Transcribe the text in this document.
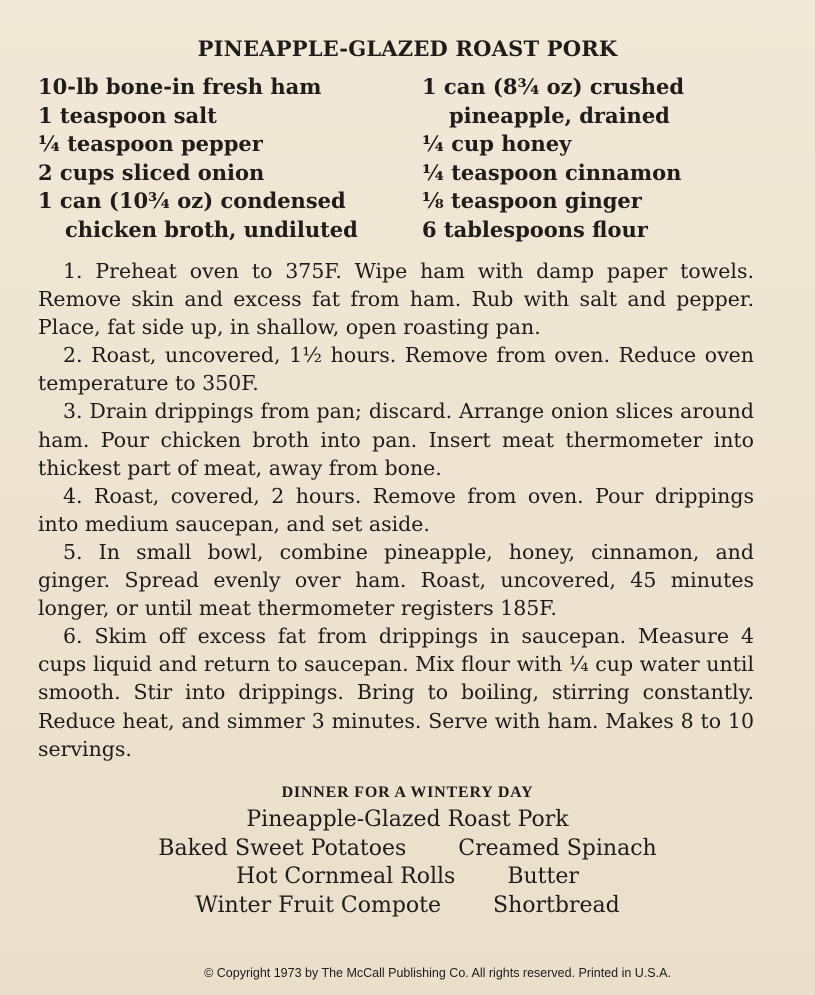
PINEAPPLE-GLAZED ROAST PORK
10-lb bone-in fresh ham
1 teaspoon salt
¼ teaspoon pepper
2 cups sliced onion
1 can (10¾ oz) condensed
chicken broth, undiluted
1 can (8¾ oz) crushed
pineapple, drained
¼ cup honey
¼ teaspoon cinnamon
⅛ teaspoon ginger
6 tablespoons flour

1. Preheat oven to 375F. Wipe ham with damp paper towels. Remove skin and excess fat from ham. Rub with salt and pepper. Place, fat side up, in shallow, open roasting pan.

2. Roast, uncovered, 1½ hours. Remove from oven. Reduce oven temperature to 350F.

3. Drain drippings from pan; discard. Arrange onion slices around ham. Pour chicken broth into pan. Insert meat thermometer into thickest part of meat, away from bone.

4. Roast, covered, 2 hours. Remove from oven. Pour drippings into medium saucepan, and set aside.

5. In small bowl, combine pineapple, honey, cinnamon, and ginger. Spread evenly over ham. Roast, uncovered, 45 minutes longer, or until meat thermometer registers 185F.

6. Skim off excess fat from drippings in saucepan. Measure 4 cups liquid and return to saucepan. Mix flour with ¼ cup water until smooth. Stir into drippings. Bring to boiling, stirring constantly. Reduce heat, and simmer 3 minutes. Serve with ham. Makes 8 to 10 servings.

DINNER FOR A WINTERY DAY
Pineapple-Glazed Roast Pork
Baked Sweet Potatoes Creamed Spinach
Hot Cornmeal Rolls Butter
Winter Fruit Compote Shortbread
© Copyright 1973 by The McCall Publishing Co. All rights reserved. Printed in U.S.A.
